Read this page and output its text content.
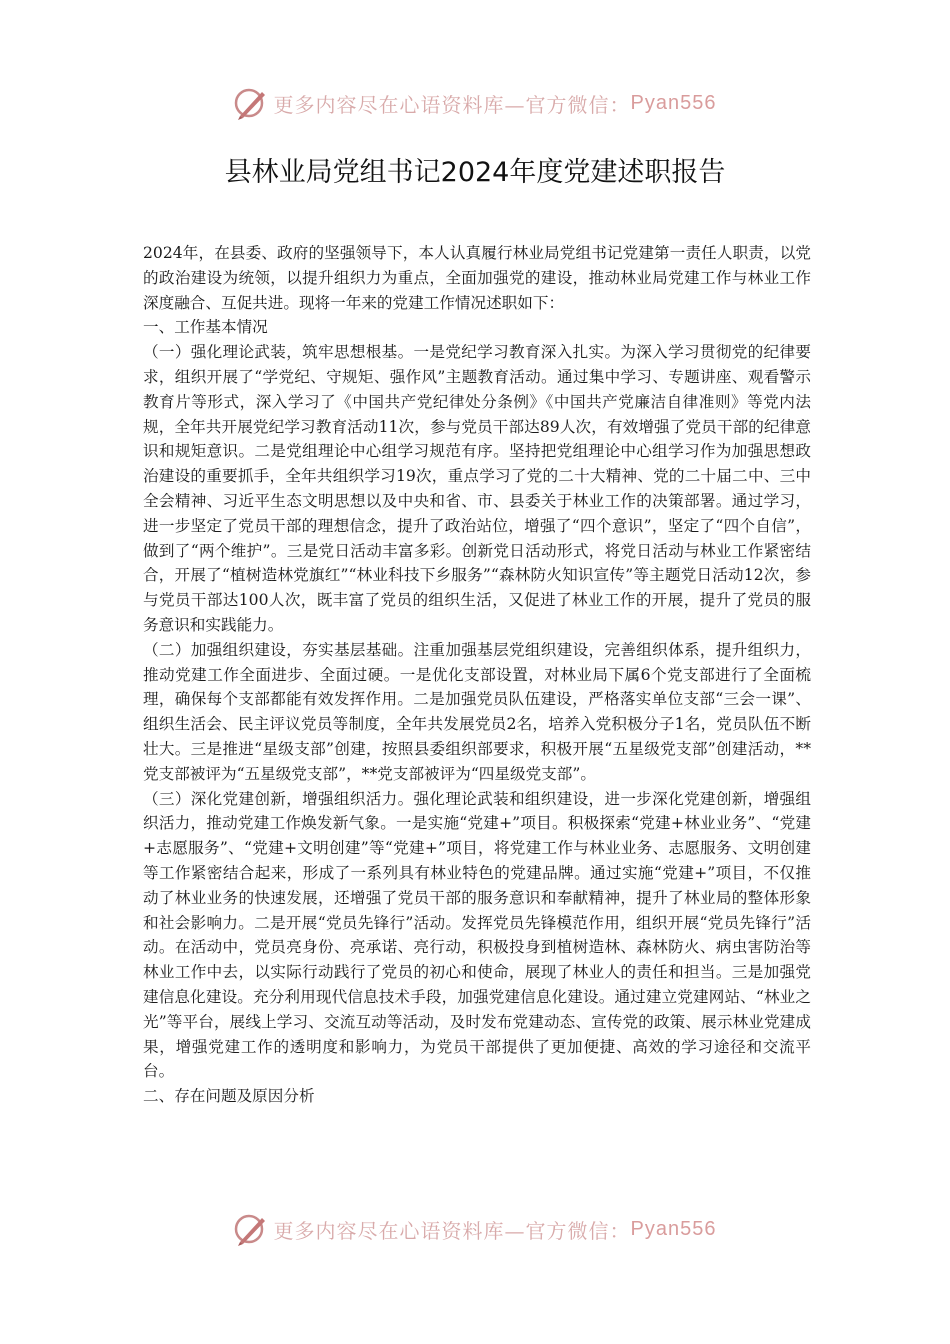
更多内容尽在心语资料库—官方微信： Pyan556
县林业局党组书记2024年度党建述职报告

2024年，在县委、政府的坚强领导下，本人认真履行林业局党组书记党建第一责任人职责，以党的政治建设为统领，以提升组织力为重点，全面加强党的建设，推动林业局党建工作与林业工作深度融合、互促共进。现将一年来的党建工作情况述职如下：

一、工作基本情况

（一）强化理论武装，筑牢思想根基。一是党纪学习教育深入扎实。为深入学习贯彻党的纪律要求，组织开展了“学党纪、守规矩、强作风”主题教育活动。通过集中学习、专题讲座、观看警示教育片等形式，深入学习了《中国共产党纪律处分条例》《中国共产党廉洁自律准则》等党内法规，全年共开展党纪学习教育活动11次，参与党员干部达89人次，有效增强了党员干部的纪律意识和规矩意识。二是党组理论中心组学习规范有序。坚持把党组理论中心组学习作为加强思想政治建设的重要抓手，全年共组织学习19次，重点学习了党的二十大精神、党的二十届二中、三中全会精神、习近平生态文明思想以及中央和省、市、县委关于林业工作的决策部署。通过学习，进一步坚定了党员干部的理想信念，提升了政治站位，增强了“四个意识”，坚定了“四个自信”，做到了“两个维护”。三是党日活动丰富多彩。创新党日活动形式，将党日活动与林业工作紧密结合，开展了“植树造林党旗红”“林业科技下乡服务”“森林防火知识宣传”等主题党日活动12次，参与党员干部达100人次，既丰富了党员的组织生活，又促进了林业工作的开展，提升了党员的服务意识和实践能力。

（二）加强组织建设，夯实基层基础。注重加强基层党组织建设，完善组织体系，提升组织力，推动党建工作全面进步、全面过硬。一是优化支部设置，对林业局下属6个党支部进行了全面梳理，确保每个支部都能有效发挥作用。二是加强党员队伍建设，严格落实单位支部“三会一课”、组织生活会、民主评议党员等制度，全年共发展党员2名，培养入党积极分子1名，党员队伍不断壮大。三是推进“星级支部”创建，按照县委组织部要求，积极开展“五星级党支部”创建活动，**党支部被评为“五星级党支部”，**党支部被评为“四星级党支部”。

（三）深化党建创新，增强组织活力。强化理论武装和组织建设，进一步深化党建创新，增强组织活力，推动党建工作焕发新气象。一是实施“党建+”项目。积极探索“党建+林业业务”、“党建+志愿服务”、“党建+文明创建”等“党建+”项目，将党建工作与林业业务、志愿服务、文明创建等工作紧密结合起来，形成了一系列具有林业特色的党建品牌。通过实施“党建+”项目，不仅推动了林业业务的快速发展，还增强了党员干部的服务意识和奉献精神，提升了林业局的整体形象和社会影响力。二是开展“党员先锋行”活动。发挥党员先锋模范作用，组织开展“党员先锋行”活动。在活动中，党员亮身份、亮承诺、亮行动，积极投身到植树造林、森林防火、病虫害防治等林业工作中去，以实际行动践行了党员的初心和使命，展现了林业人的责任和担当。三是加强党建信息化建设。充分利用现代信息技术手段，加强党建信息化建设。通过建立党建网站、“林业之光”等平台，展线上学习、交流互动等活动，及时发布党建动态、宣传党的政策、展示林业党建成果，增强党建工作的透明度和影响力，为党员干部提供了更加便捷、高效的学习途径和交流平台。

二、存在问题及原因分析

更多内容尽在心语资料库—官方微信： Pyan556
